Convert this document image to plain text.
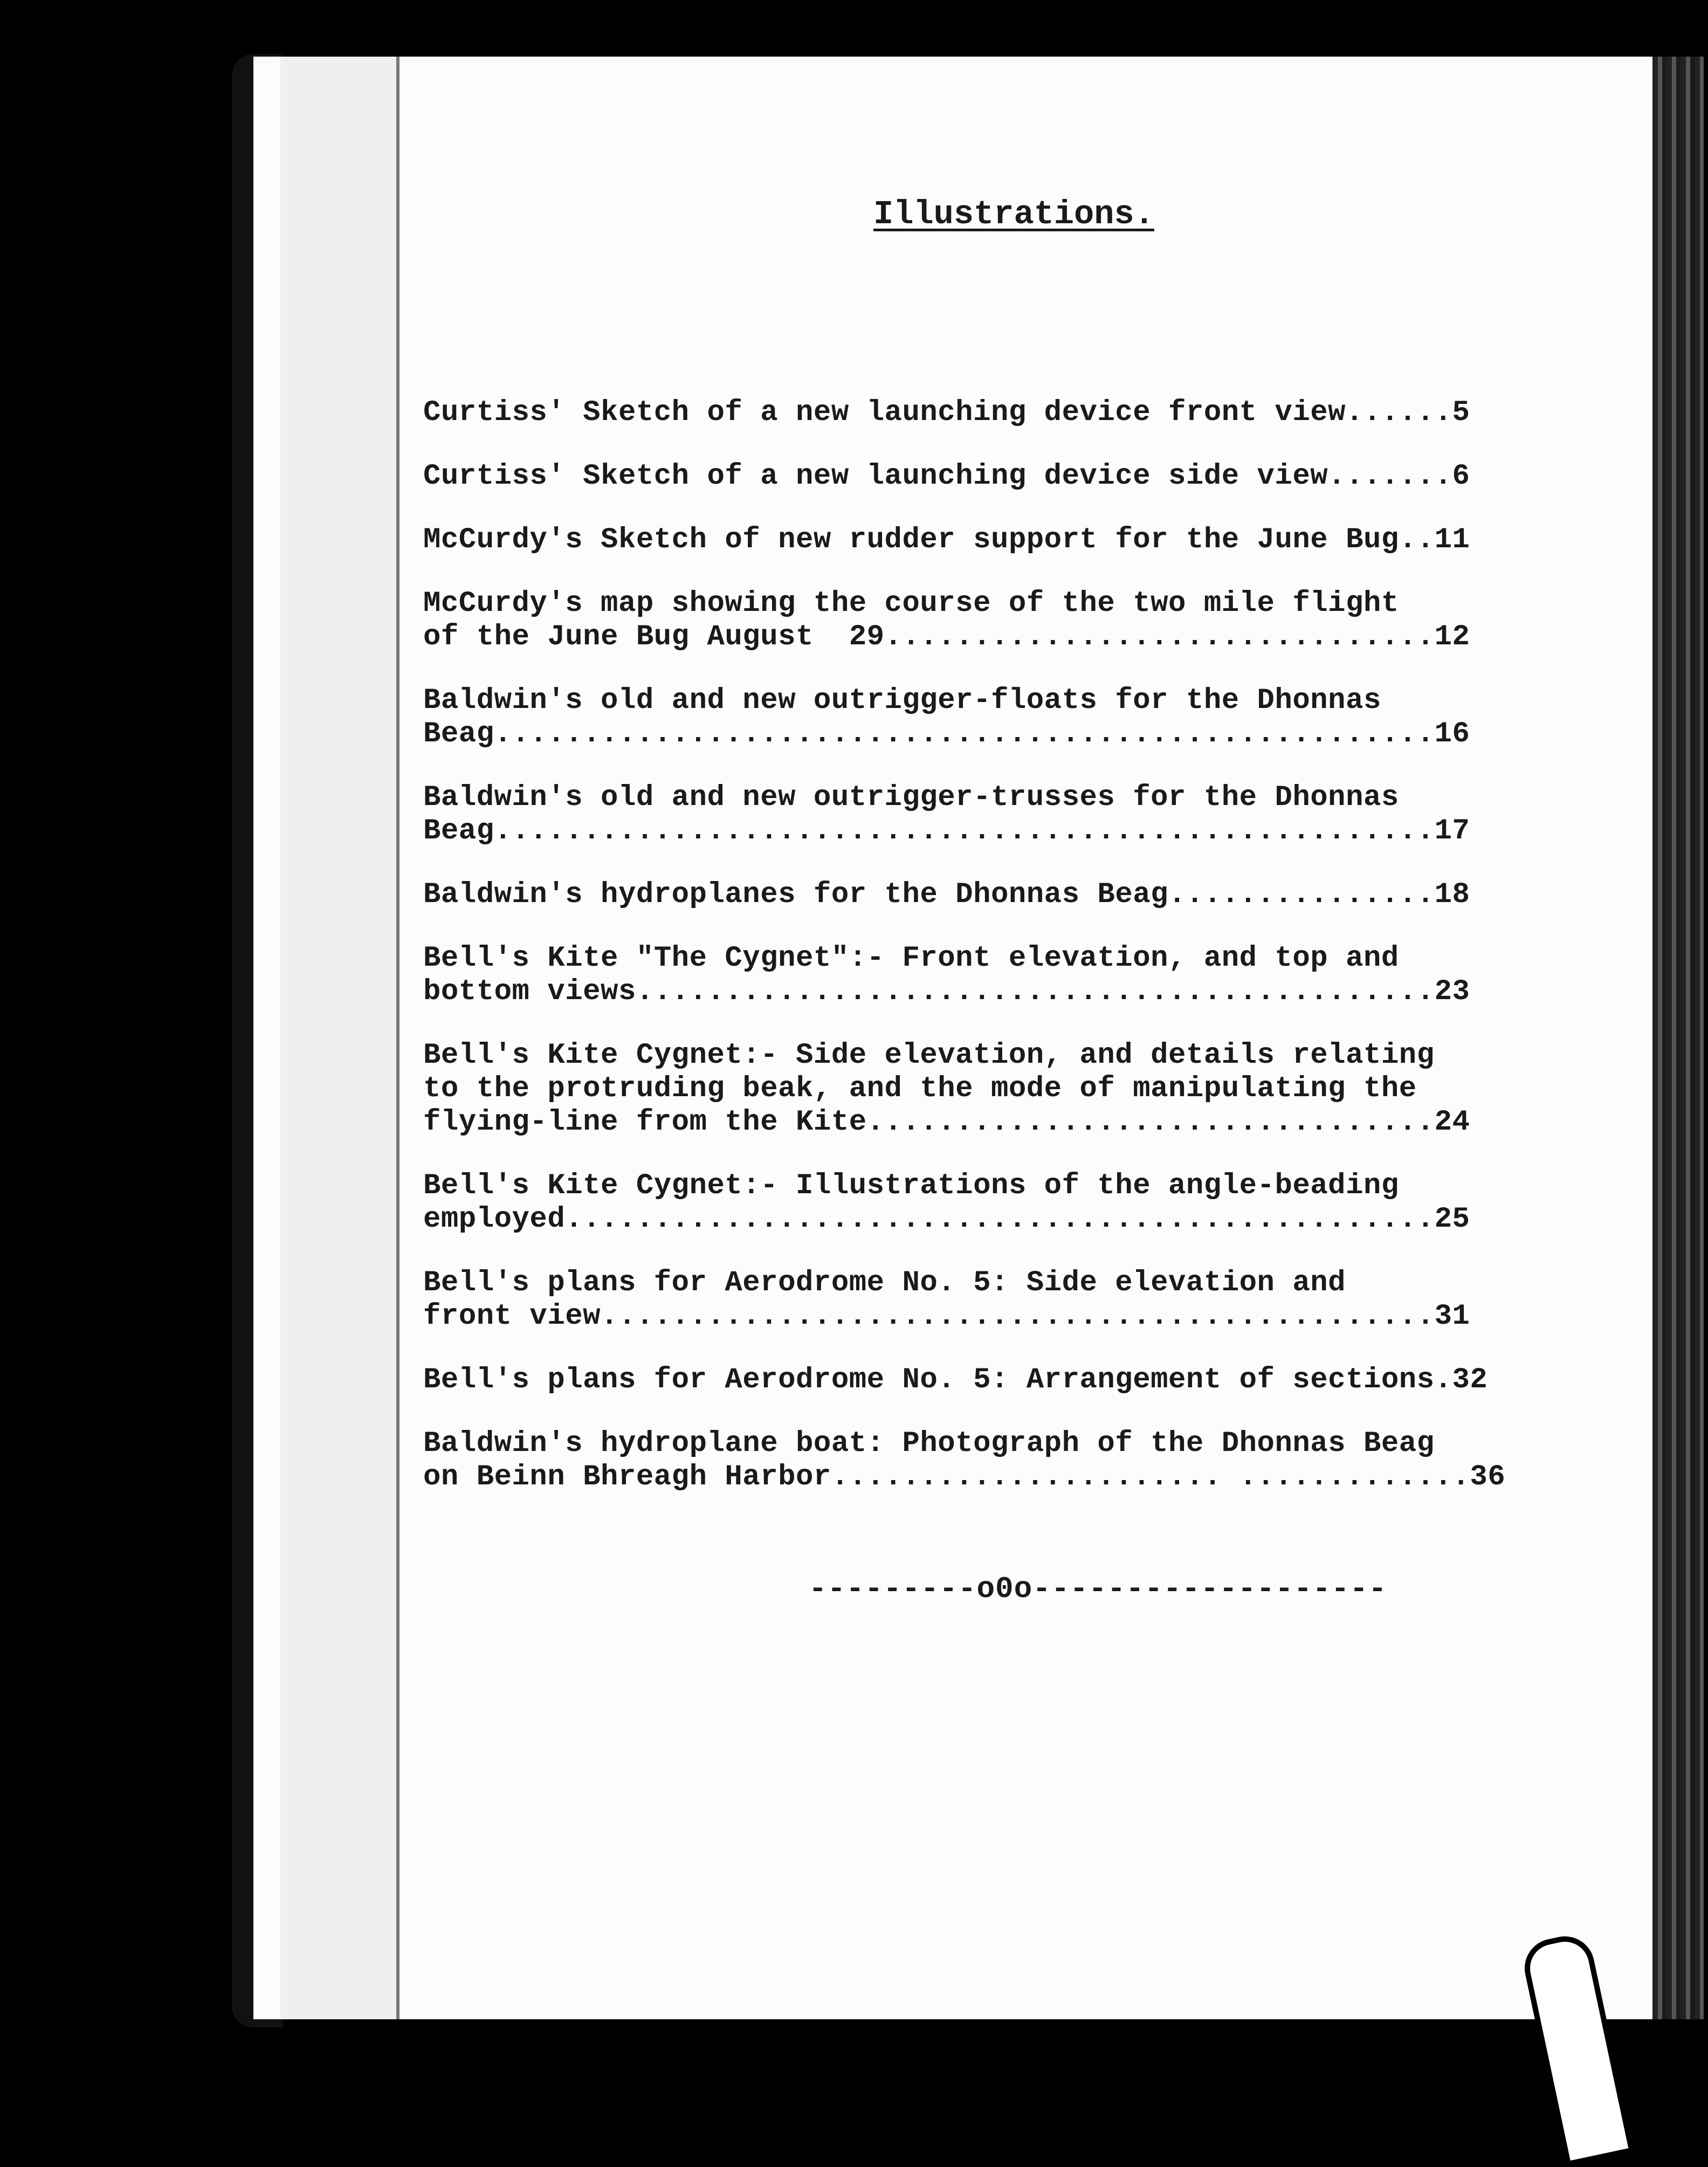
Illustrations.
Curtiss' Sketch of a new launching device front view......5
Curtiss' Sketch of a new launching device side view.......6
McCurdy's Sketch of new rudder support for the June Bug..11
McCurdy's map showing the course of the two mile flight
of the June Bug August  29...............................12
Baldwin's old and new outrigger-floats for the Dhonnas
Beag.....................................................16
Baldwin's old and new outrigger-trusses for the Dhonnas
Beag.....................................................17
Baldwin's hydroplanes for the Dhonnas Beag...............18
Bell's Kite "The Cygnet":- Front elevation, and top and
bottom views.............................................23
Bell's Kite Cygnet:- Side elevation, and details relating
to the protruding beak, and the mode of manipulating the
flying-line from the Kite................................24
Bell's Kite Cygnet:- Illustrations of the angle-beading
employed.................................................25
Bell's plans for Aerodrome No. 5: Side elevation and
front view...............................................31
Bell's plans for Aerodrome No. 5: Arrangement of sections.32
Baldwin's hydroplane boat: Photograph of the Dhonnas Beag
on Beinn Bhreagh Harbor...................... .............36
---------o0o-------------------
